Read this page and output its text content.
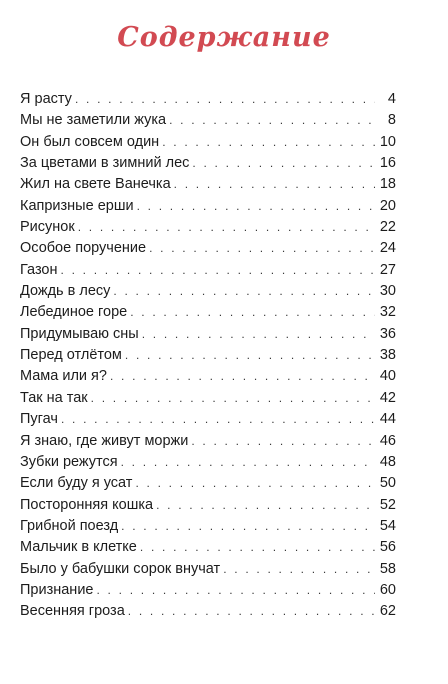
Содержание
Я расту . . .	4
Мы не заметили жука . . .	8
Он был совсем один . . .	10
За цветами в зимний лес . . .	16
Жил на свете Ванечка . . .	18
Капризные ерши . . .	20
Рисунок . . .	22
Особое поручение . . .	24
Газон . . .	27
Дождь в лесу . . .	30
Лебединое горе . . .	32
Придумываю сны . . .	36
Перед отлётом . . .	38
Мама или я? . . .	40
Так на так . . .	42
Пугач . . .	44
Я знаю, где живут моржи . . .	46
Зубки режутся . . .	48
Если буду я усат . . .	50
Посторонняя кошка . . .	52
Грибной поезд . . .	54
Мальчик в клетке . . .	56
Было у бабушки сорок внучат . . .	58
Признание . . .	60
Весенняя гроза . . .	62
